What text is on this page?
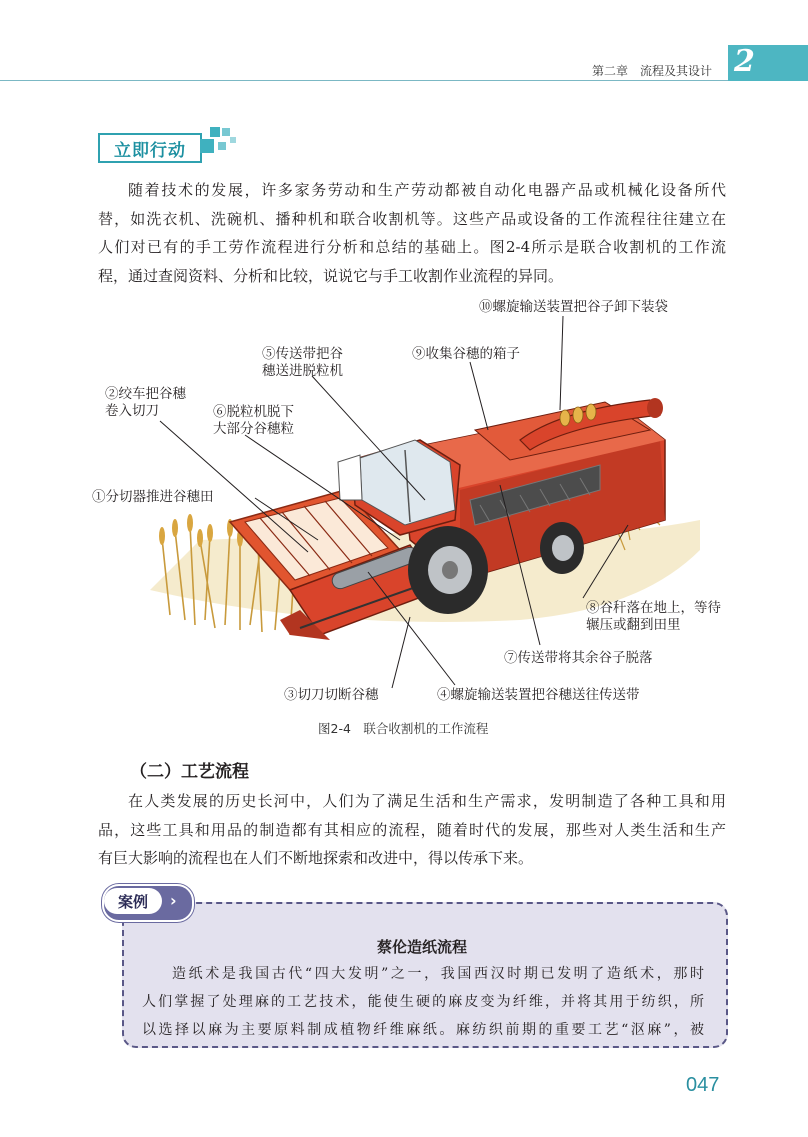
第二章 流程及其设计 2
立即行动
随着技术的发展，许多家务劳动和生产劳动都被自动化电器产品或机械化设备所代
替，如洗衣机、洗碗机、播种机和联合收割机等。这些产品或设备的工作流程往往建立在
人们对已有的手工劳作流程进行分析和总结的基础上。图2-4所示是联合收割机的工作流
程，通过查阅资料、分析和比较，说说它与手工收割作业流程的异同。
①分切器推进谷穗田
②绞车把谷穗
卷入切刀
③切刀切断谷穗	④螺旋输送装置把谷穗送往传送带
⑤传送带把谷
穗送进脱粒机
⑥脱粒机脱下
大部分谷穗粒
⑦传送带将其余谷子脱落
⑧谷秆落在地上，等待
辗压或翻到田里
⑨收集谷穗的箱子
⑩螺旋输送装置把谷子卸下装袋
图2-4　联合收割机的工作流程
（二）工艺流程
在人类发展的历史长河中，人们为了满足生活和生产需求，发明制造了各种工具和用
品，这些工具和用品的制造都有其相应的流程，随着时代的发展，那些对人类生活和生产
有巨大影响的流程也在人们不断地探索和改进中，得以传承下来。
案例	›
蔡伦造纸流程
造纸术是我国古代“四大发明”之一，我国西汉时期已发明了造纸术，那时
人们掌握了处理麻的工艺技术，能使生硬的麻皮变为纤维，并将其用于纺织，所
以选择以麻为主要原料制成植物纤维麻纸。麻纺织前期的重要工艺“沤麻”，被
047
